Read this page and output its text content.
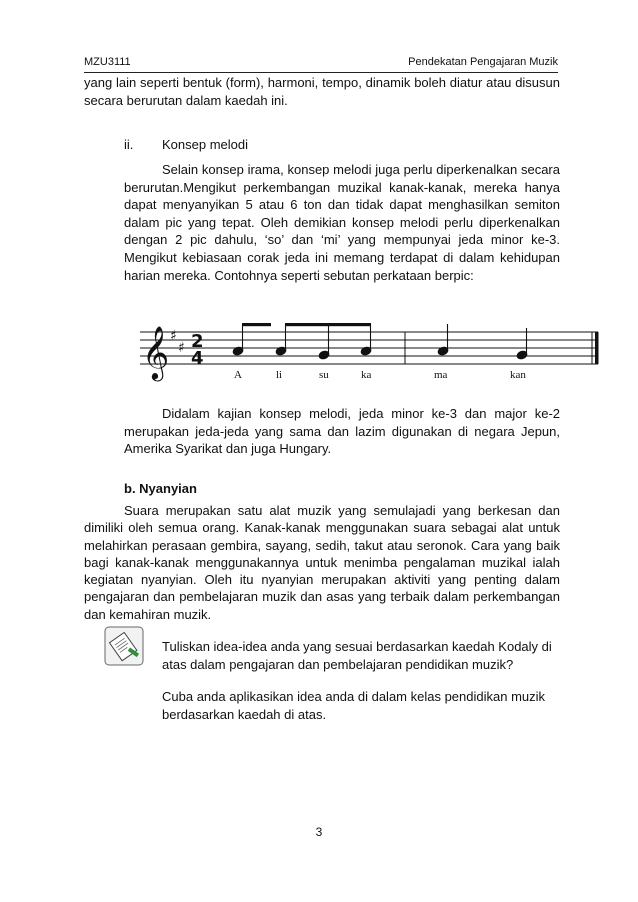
MZU3111	Pendekatan Pengajaran Muzik

yang lain seperti bentuk (form), harmoni, tempo, dinamik boleh diatur atau disusun secara berurutan dalam kaedah ini.

ii. Konsep melodi

Selain konsep irama, konsep melodi juga perlu diperkenalkan secara berurutan.Mengikut perkembangan muzikal kanak-kanak, mereka hanya dapat menyanyikan 5 atau 6 ton dan tidak dapat menghasilkan semiton dalam pic yang tepat. Oleh demikian konsep melodi perlu diperkenalkan dengan 2 pic dahulu, ‘so’ dan ‘mi’ yang mempunyai jeda minor ke-3. Mengikut kebiasaan corak jeda ini memang terdapat di dalam kehidupan harian mereka. Contohnya seperti sebutan perkataan berpic:

𝄞 ♯
♯ 2
4
A	li	su	ka	ma	kan

Didalam kajian konsep melodi, jeda minor ke-3 dan major ke-2 merupakan jeda-jeda yang sama dan lazim digunakan di negara Jepun, Amerika Syarikat dan juga Hungary.

b. Nyanyian

Suara merupakan satu alat muzik yang semulajadi yang berkesan dan dimiliki oleh semua orang. Kanak-kanak menggunakan suara sebagai alat untuk melahirkan perasaan gembira, sayang, sedih, takut atau seronok. Cara yang baik bagi kanak-kanak menggunakannya untuk menimba pengalaman muzikal ialah kegiatan nyanyian. Oleh itu nyanyian merupakan aktiviti yang penting dalam pengajaran dan pembelajaran muzik dan asas yang terbaik dalam perkembangan dan kemahiran muzik.

Tuliskan idea-idea anda yang sesuai berdasarkan kaedah Kodaly di atas dalam pengajaran dan pembelajaran pendidikan muzik?

Cuba anda aplikasikan idea anda di dalam kelas pendidikan muzik berdasarkan kaedah di atas.

3
